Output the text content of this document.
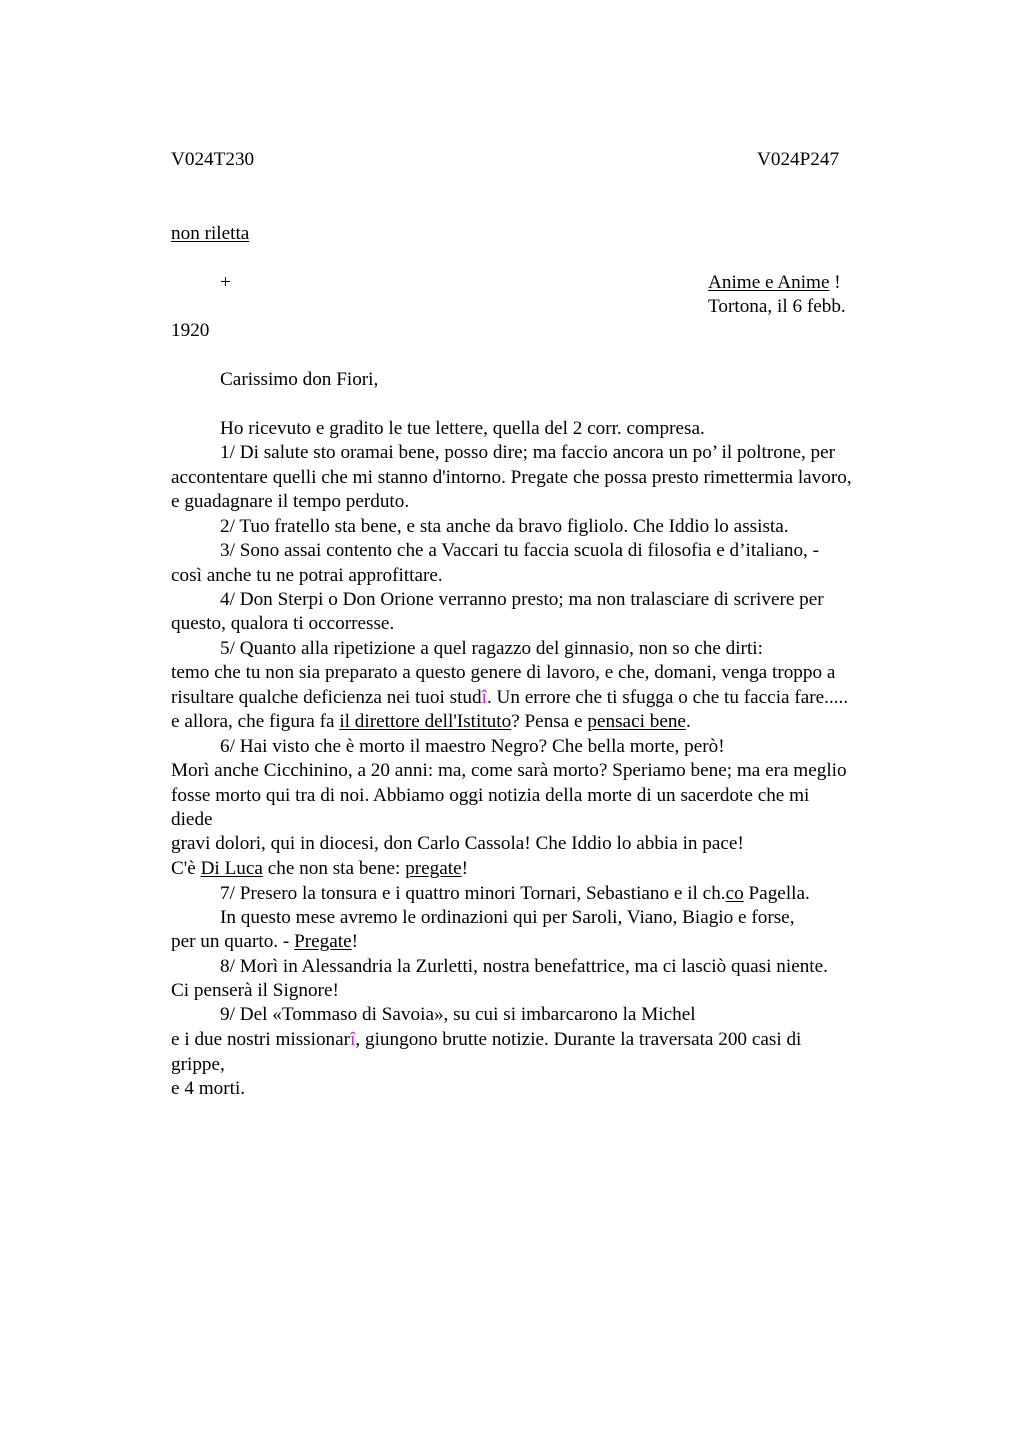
V024T230	V024P247
non riletta
+	Anime e Anime !
Tortona, il 6 febb.
1920
Carissimo don Fiori,
Ho ricevuto e gradito le tue lettere, quella del 2 corr. compresa.
1/ Di salute sto oramai bene, posso dire; ma faccio ancora un po’ il poltrone, per
accontentare quelli che mi stanno d'intorno. Pregate che possa presto rimettermia lavoro,
e guadagnare il tempo perduto.
2/ Tuo fratello sta bene, e sta anche da bravo figliolo. Che Iddio lo assista.
3/ Sono assai contento che a Vaccari tu faccia scuola di filosofia e d’italiano, -
così anche tu ne potrai approfittare.
4/ Don Sterpi o Don Orione verranno presto; ma non tralasciare di scrivere per
questo, qualora ti occorresse.
5/ Quanto alla ripetizione a quel ragazzo del ginnasio, non so che dirti:
temo che tu non sia preparato a questo genere di lavoro, e che, domani, venga troppo a
risultare qualche deficienza nei tuoi studî. Un errore che ti sfugga o che tu faccia fare.....
e allora, che figura fa il direttore dell'Istituto? Pensa e pensaci bene.
6/ Hai visto che è morto il maestro Negro? Che bella morte, però!
Morì anche Cicchinino, a 20 anni: ma, come sarà morto? Speriamo bene; ma era meglio
fosse morto qui tra di noi. Abbiamo oggi notizia della morte di un sacerdote che mi
diede
gravi dolori, qui in diocesi, don Carlo Cassola! Che Iddio lo abbia in pace!
C'è Di Luca che non sta bene: pregate!
7/ Presero la tonsura e i quattro minori Tornari, Sebastiano e il ch.co Pagella.
In questo mese avremo le ordinazioni qui per Saroli, Viano, Biagio e forse,
per un quarto. - Pregate!
8/ Morì in Alessandria la Zurletti, nostra benefattrice, ma ci lasciò quasi niente.
Ci penserà il Signore!
9/ Del «Tommaso di Savoia», su cui si imbarcarono la Michel
e i due nostri missionarî, giungono brutte notizie. Durante la traversata 200 casi di
grippe,
e 4 morti.
